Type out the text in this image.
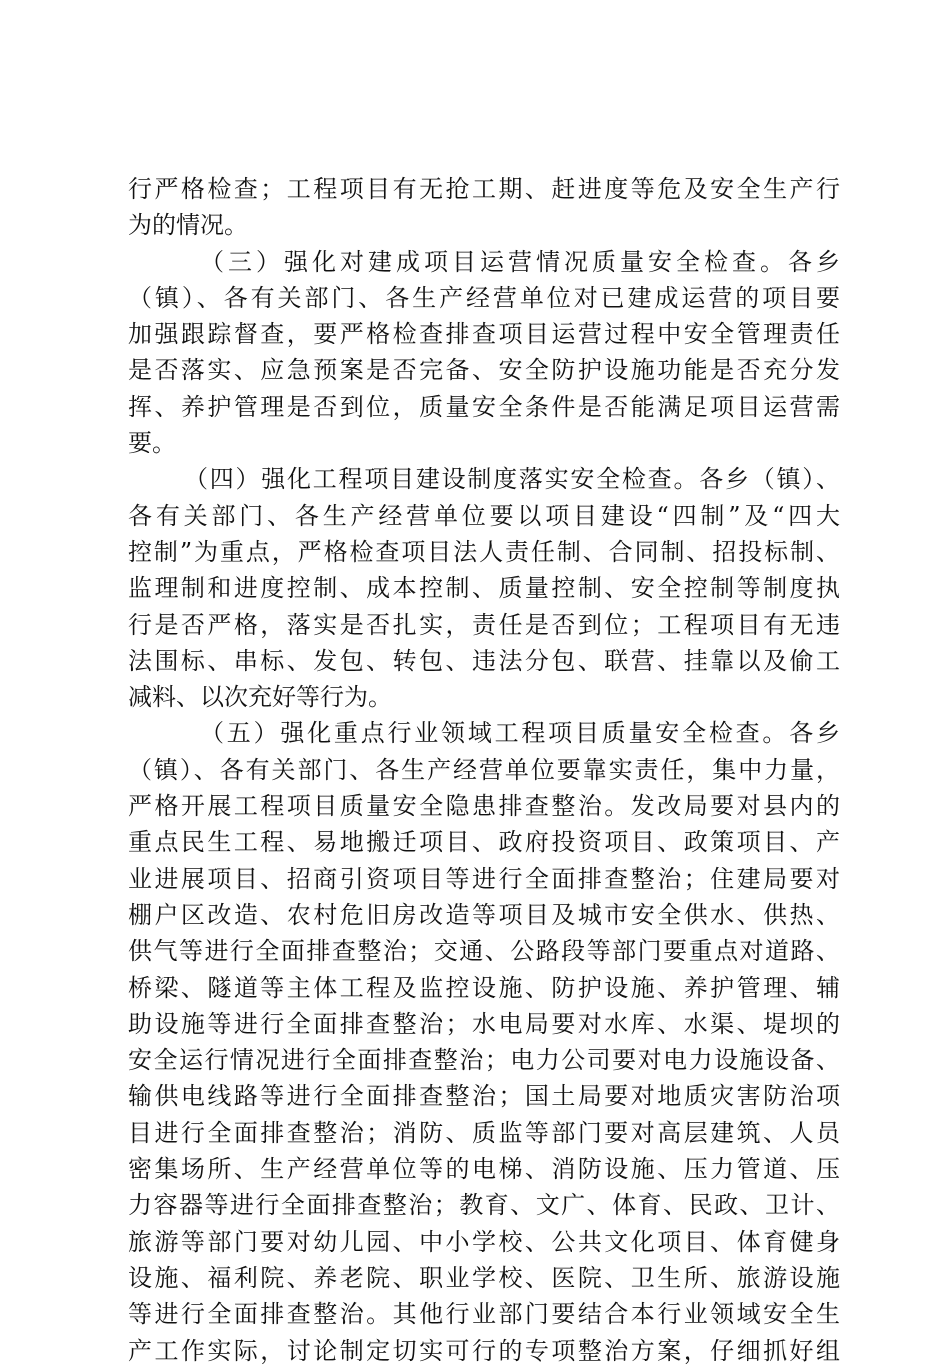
行严格检查；工程项目有无抢工期、赶进度等危及安全生产行
为的情况。
（三）强化对建成项目运营情况质量安全检查。各乡
（镇）、各有关部门、各生产经营单位对已建成运营的项目要
加强跟踪督查，要严格检查排查项目运营过程中安全管理责任
是否落实、应急预案是否完备、安全防护设施功能是否充分发
挥、养护管理是否到位，质量安全条件是否能满足项目运营需
要。
（四）强化工程项目建设制度落实安全检查。各乡（镇）、
各有关部门、各生产经营单位要以项目建设“四制”及“四大
控制”为重点，严格检查项目法人责任制、合同制、招投标制、
监理制和进度控制、成本控制、质量控制、安全控制等制度执
行是否严格，落实是否扎实，责任是否到位；工程项目有无违
法围标、串标、发包、转包、违法分包、联营、挂靠以及偷工
减料、以次充好等行为。
（五）强化重点行业领域工程项目质量安全检查。各乡
（镇）、各有关部门、各生产经营单位要靠实责任，集中力量，
严格开展工程项目质量安全隐患排查整治。发改局要对县内的
重点民生工程、易地搬迁项目、政府投资项目、政策项目、产
业进展项目、招商引资项目等进行全面排查整治；住建局要对
棚户区改造、农村危旧房改造等项目及城市安全供水、供热、
供气等进行全面排查整治；交通、公路段等部门要重点对道路、
桥梁、隧道等主体工程及监控设施、防护设施、养护管理、辅
助设施等进行全面排查整治；水电局要对水库、水渠、堤坝的
安全运行情况进行全面排查整治；电力公司要对电力设施设备、
输供电线路等进行全面排查整治；国土局要对地质灾害防治项
目进行全面排查整治；消防、质监等部门要对高层建筑、人员
密集场所、生产经营单位等的电梯、消防设施、压力管道、压
力容器等进行全面排查整治；教育、文广、体育、民政、卫计、
旅游等部门要对幼儿园、中小学校、公共文化项目、体育健身
设施、福利院、养老院、职业学校、医院、卫生所、旅游设施
等进行全面排查整治。其他行业部门要结合本行业领域安全生
产工作实际，讨论制定切实可行的专项整治方案，仔细抓好组
